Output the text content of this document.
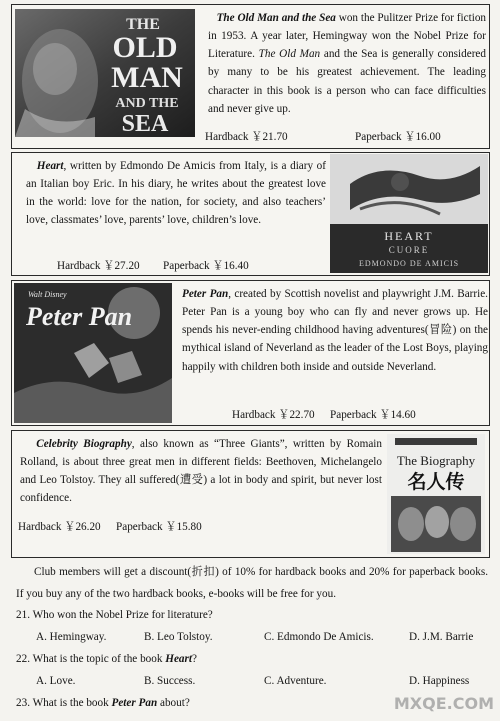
THE
OLD
MAN
AND THE
SEA

The Old Man and the Sea won the Pulitzer Prize for fiction in 1953. A year later, Hemingway won the Nobel Prize for Literature. The Old Man and the Sea is generally considered by many to be his greatest achievement. The leading character in this book is a person who can face difficulties and never give up.

Hardback ￥21.70	Paperback ￥16.00

Heart, written by Edmondo De Amicis from Italy, is a diary of an Italian boy Eric. In his diary, he writes about the greatest love in the world: love for the nation, for society, and also teachers’ love, classmates’ love, parents’ love, children’s love.

Hardback ￥27.20 Paperback ￥16.40
HEART
CUORE
EDMONDO DE AMICIS
Walt Disney
Peter Pan

Peter Pan, created by Scottish novelist and playwright J.M. Barrie. Peter Pan is a young boy who can fly and never grows up. He spends his never-ending childhood having adventures(冒险) on the mythical island of Neverland as the leader of the Lost Boys, playing happily with children both inside and outside Neverland.

Hardback ￥22.70 Paperback ￥14.60

Celebrity Biography, also known as “Three Giants”, written by Romain Rolland, is about three great men in different fields: Beethoven, Michelangelo and Leo Tolstoy. They all suffered(遭受) a lot in body and spirit, but never lost confidence.

Hardback ￥26.20 Paperback ￥15.80
The Biography
名人传

Club members will get a discount(折扣) of 10% for hardback books and 20% for paperback books. If you buy any of the two hardback books, e-books will be free for you.

21. Who won the Nobel Prize for literature?
A. Hemingway.	B. Leo Tolstoy.	C. Edmondo De Amicis.	D. J.M. Barrie
22. What is the topic of the book Heart?
A. Love.	B. Success.	C. Adventure.	D. Happiness
23. What is the book Peter Pan about?	MXQE.COM
